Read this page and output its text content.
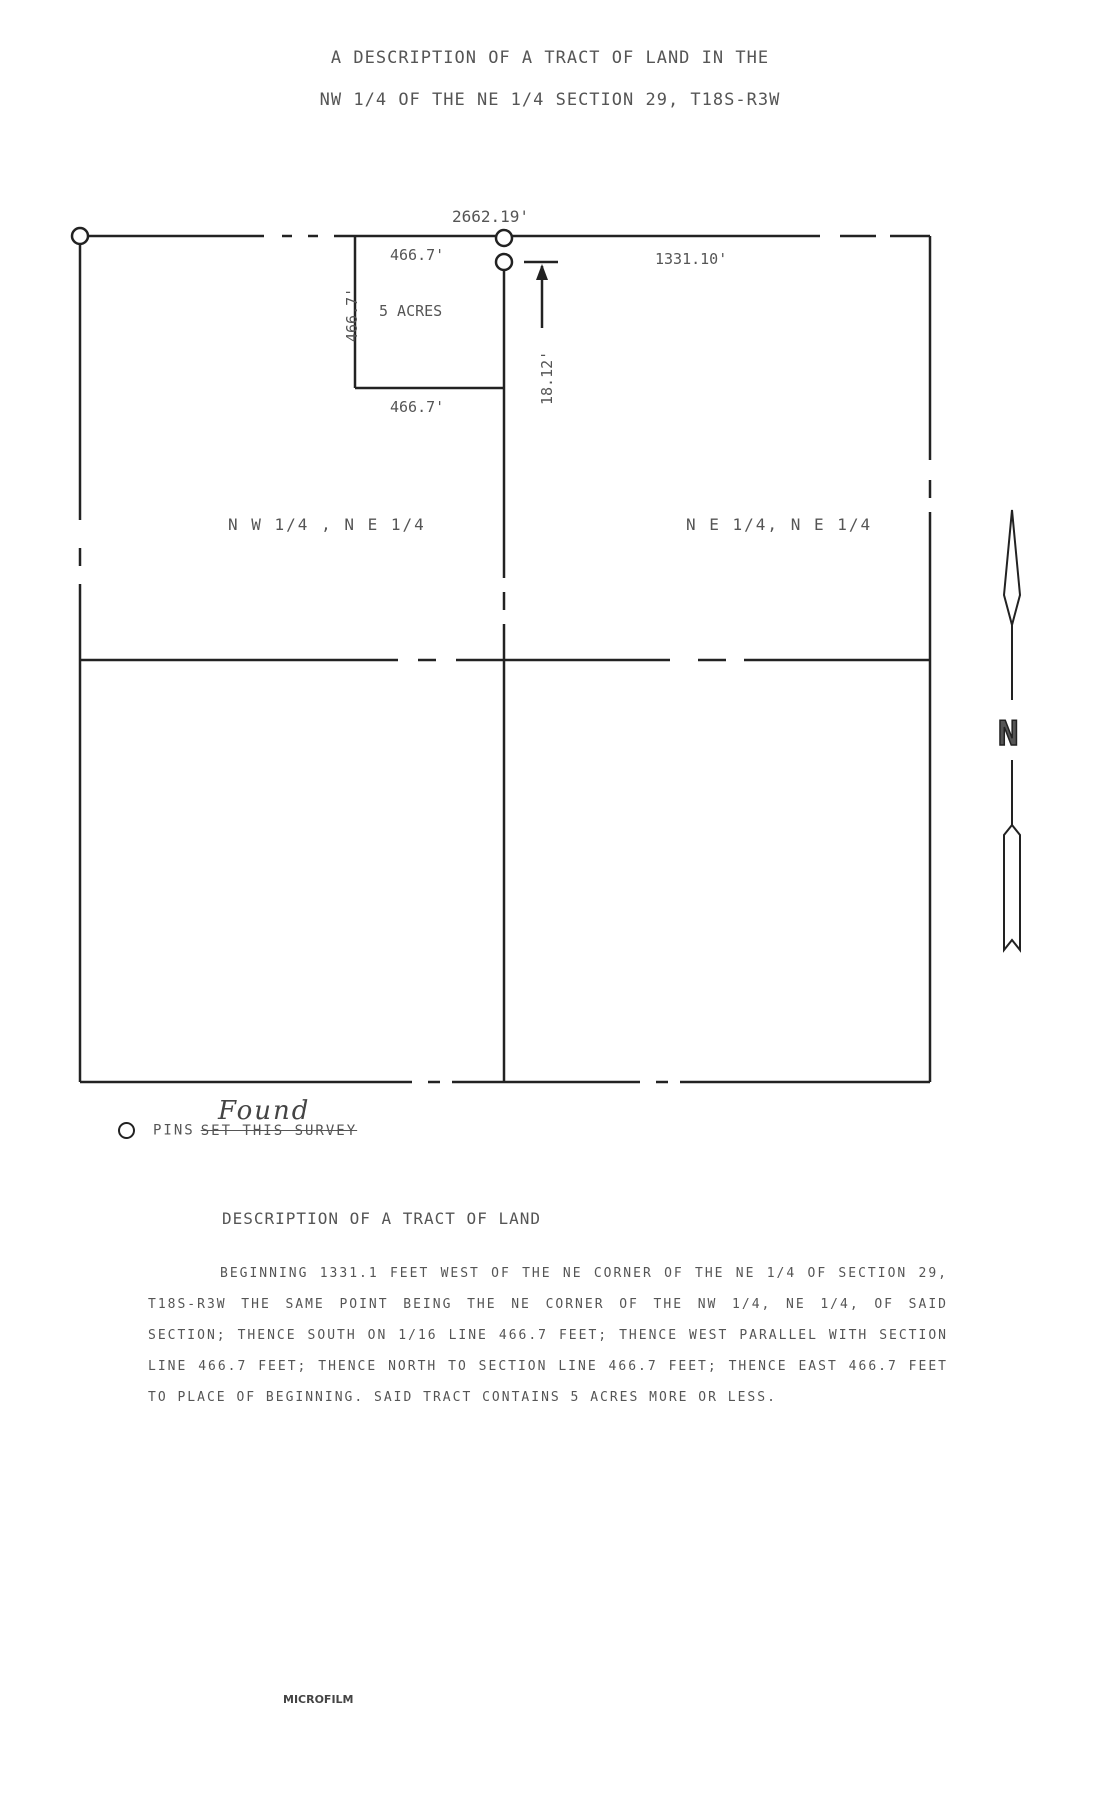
A DESCRIPTION OF A TRACT OF LAND IN THE
NW 1/4 OF THE NE 1/4 SECTION 29, T18S-R3W
2662.19'
466.7'
466.7' 5 ACRES
466.7'
1331.10'
18.12'
N W 1/4 , N E 1/4	N E 1/4, N E 1/4
N
PINS SET THIS SURVEY
Found
DESCRIPTION OF A TRACT OF LAND
BEGINNING 1331.1 FEET WEST OF THE NE CORNER OF THE NE 1/4 OF SECTION 29, T18S-R3W THE SAME POINT BEING THE NE CORNER OF THE NW 1/4, NE 1/4, OF SAID SECTION; THENCE SOUTH ON 1/16 LINE 466.7 FEET; THENCE WEST PARALLEL WITH SECTION LINE 466.7 FEET; THENCE NORTH TO SECTION LINE 466.7 FEET; THENCE EAST 466.7 FEET TO PLACE OF BEGINNING. SAID TRACT CONTAINS 5 ACRES MORE OR LESS.
MICROFILM
